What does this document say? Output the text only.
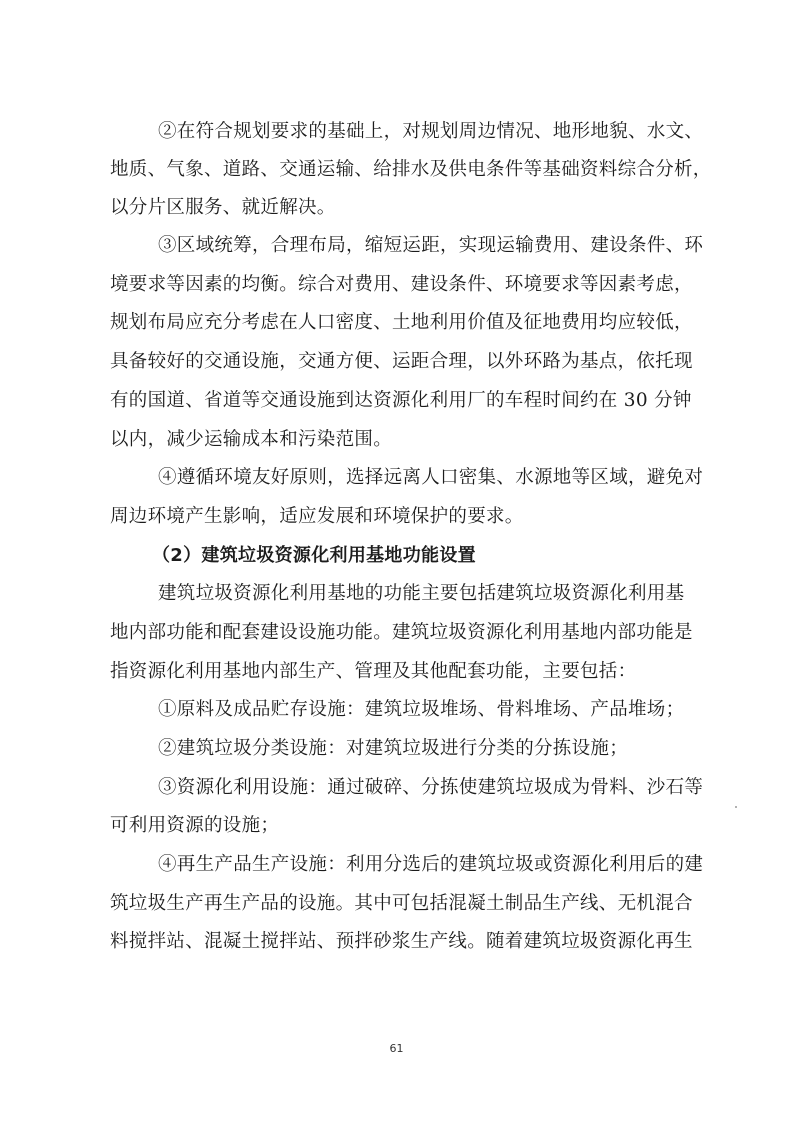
②在符合规划要求的基础上，对规划周边情况、地形地貌、水文、
地质、气象、道路、交通运输、给排水及供电条件等基础资料综合分析，
以分片区服务、就近解决。
③区域统筹，合理布局，缩短运距，实现运输费用、建设条件、环
境要求等因素的均衡。综合对费用、建设条件、环境要求等因素考虑，
规划布局应充分考虑在人口密度、土地利用价值及征地费用均应较低，
具备较好的交通设施，交通方便、运距合理，以外环路为基点，依托现
有的国道、省道等交通设施到达资源化利用厂的车程时间约在 30 分钟
以内，减少运输成本和污染范围。
④遵循环境友好原则，选择远离人口密集、水源地等区域，避免对
周边环境产生影响，适应发展和环境保护的要求。
（2）建筑垃圾资源化利用基地功能设置
建筑垃圾资源化利用基地的功能主要包括建筑垃圾资源化利用基
地内部功能和配套建设设施功能。建筑垃圾资源化利用基地内部功能是
指资源化利用基地内部生产、管理及其他配套功能，主要包括：
①原料及成品贮存设施：建筑垃圾堆场、骨料堆场、产品堆场；
②建筑垃圾分类设施：对建筑垃圾进行分类的分拣设施；
③资源化利用设施：通过破碎、分拣使建筑垃圾成为骨料、沙石等
可利用资源的设施；
④再生产品生产设施：利用分选后的建筑垃圾或资源化利用后的建
筑垃圾生产再生产品的设施。其中可包括混凝土制品生产线、无机混合
料搅拌站、混凝土搅拌站、预拌砂浆生产线。随着建筑垃圾资源化再生
61
